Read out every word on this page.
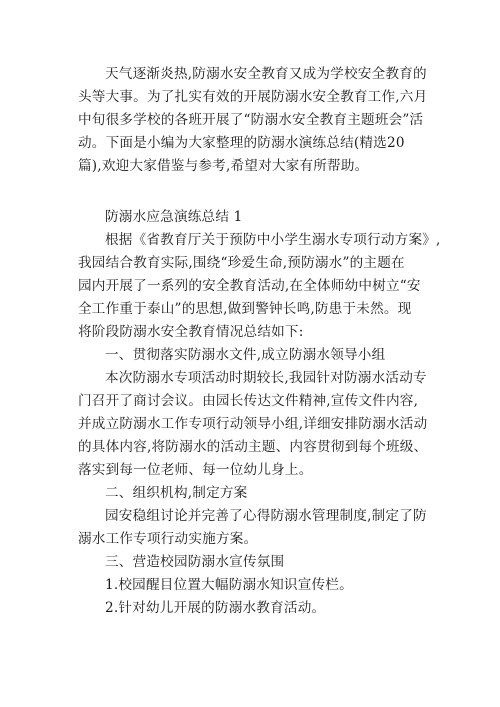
天气逐渐炎热,防溺水安全教育又成为学校安全教育的
头等大事。为了扎实有效的开展防溺水安全教育工作,六月
中旬很多学校的各班开展了“防溺水安全教育主题班会”活
动。下面是小编为大家整理的防溺水演练总结(精选20
篇),欢迎大家借鉴与参考,希望对大家有所帮助。
防溺水应急演练总结 1
根据《省教育厅关于预防中小学生溺水专项行动方案》,
我园结合教育实际,围绕“珍爱生命,预防溺水”的主题在
园内开展了一系列的安全教育活动,在全体师幼中树立“安
全工作重于泰山”的思想,做到警钟长鸣,防患于未然。现
将阶段防溺水安全教育情况总结如下:
一、贯彻落实防溺水文件,成立防溺水领导小组
本次防溺水专项活动时期较长,我园针对防溺水活动专
门召开了商讨会议。由园长传达文件精神,宣传文件内容,
并成立防溺水工作专项行动领导小组,详细安排防溺水活动
的具体内容,将防溺水的活动主题、内容贯彻到每个班级、
落实到每一位老师、每一位幼儿身上。
二、组织机构,制定方案
园安稳组讨论并完善了心得防溺水管理制度,制定了防
溺水工作专项行动实施方案。
三、营造校园防溺水宣传氛围
1.校园醒目位置大幅防溺水知识宣传栏。
2.针对幼儿开展的防溺水教育活动。
